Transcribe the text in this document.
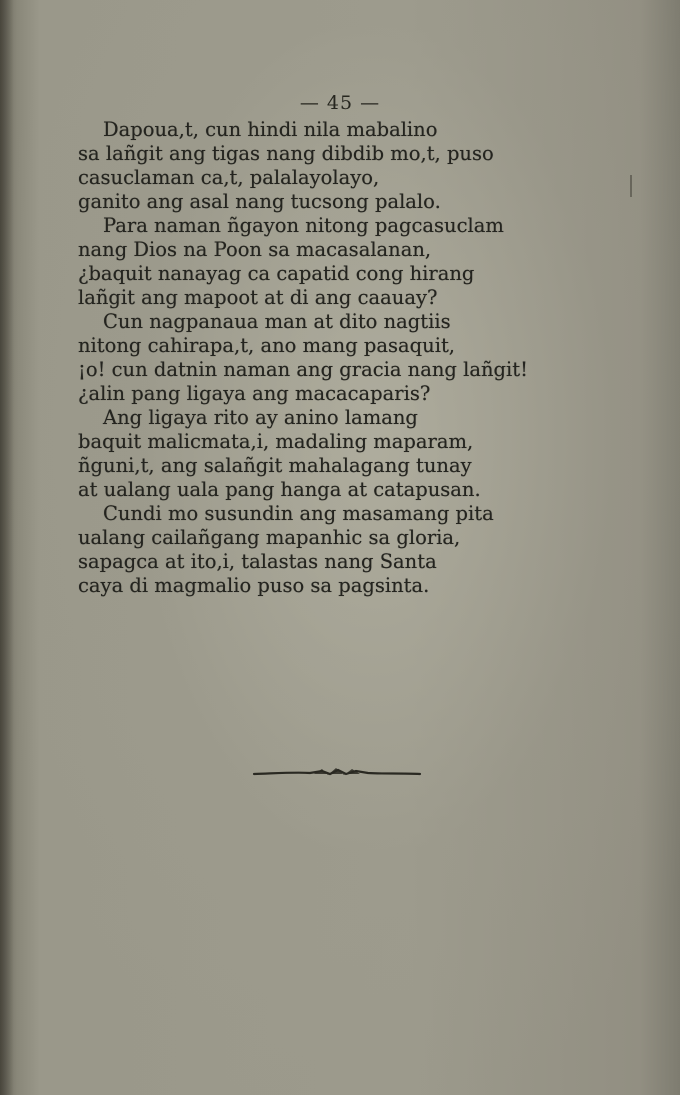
— 45 —
Dapoua,t, cun hindi nila mabalino
sa lañgit ang tigas nang dibdib mo,t, puso
casuclaman ca,t, palalayolayo,
ganito ang asal nang tucsong palalo.
Para naman ñgayon nitong pagcasuclam
nang Dios na Poon sa macasalanan,
¿baquit nanayag ca capatid cong hirang
lañgit ang mapoot at di ang caauay?
Cun nagpanaua man at dito nagtiis
nitong cahirapa,t, ano mang pasaquit,
¡o! cun datnin naman ang gracia nang lañgit!
¿alin pang ligaya ang macacaparis?
Ang ligaya rito ay anino lamang
baquit malicmata,i, madaling maparam,
ñguni,t, ang salañgit mahalagang tunay
at ualang uala pang hanga at catapusan.
Cundi mo susundin ang masamang pita
ualang cailañgang mapanhic sa gloria,
sapagca at ito,i, talastas nang Santa
caya di magmalio puso sa pagsinta.
